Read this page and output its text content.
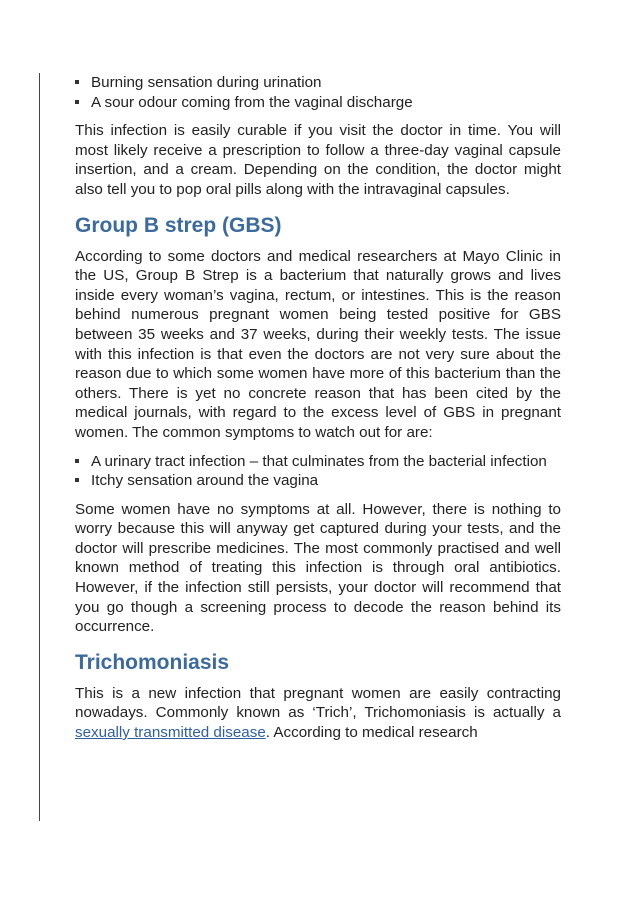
Burning sensation during urination
A sour odour coming from the vaginal discharge

This infection is easily curable if you visit the doctor in time. You will most likely receive a prescription to follow a three-day vaginal capsule insertion, and a cream. Depending on the condition, the doctor might also tell you to pop oral pills along with the intravaginal capsules.

Group B strep (GBS)

According to some doctors and medical researchers at Mayo Clinic in the US, Group B Strep is a bacterium that naturally grows and lives inside every woman’s vagina, rectum, or intestines. This is the reason behind numerous pregnant women being tested positive for GBS between 35 weeks and 37 weeks, during their weekly tests. The issue with this infection is that even the doctors are not very sure about the reason due to which some women have more of this bacterium than the others. There is yet no concrete reason that has been cited by the medical journals, with regard to the excess level of GBS in pregnant women. The common symptoms to watch out for are:

A urinary tract infection – that culminates from the bacterial infection
Itchy sensation around the vagina

Some women have no symptoms at all. However, there is nothing to worry because this will anyway get captured during your tests, and the doctor will prescribe medicines. The most commonly practised and well known method of treating this infection is through oral antibiotics. However, if the infection still persists, your doctor will recommend that you go though a screening process to decode the reason behind its occurrence.

Trichomoniasis

This is a new infection that pregnant women are easily contracting nowadays. Commonly known as ‘Trich’, Trichomoniasis is actually a sexually transmitted disease. According to medical research
